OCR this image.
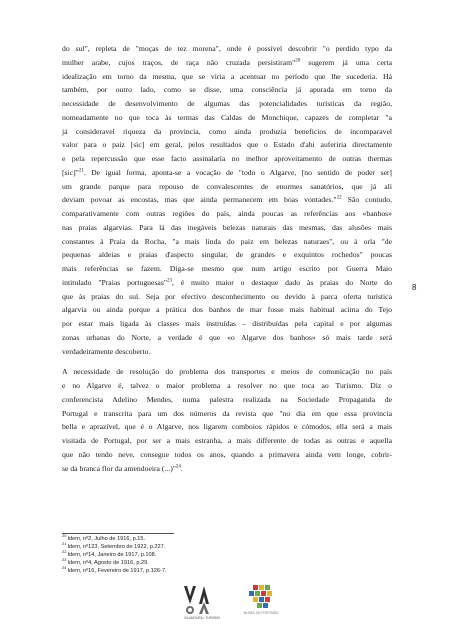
do sul", repleta de "moças de tez morena", onde é possível descobrir "o perdido typo da
mulher arabe, cujos traços, de raça não cruzada persistiram"$^{20}$ sugerem já uma certa
idealização em torno da mesma, que se viria a acentuar no período que lhe sucederia. Há
também, por outro lado, como se disse, uma consciência já apurada em torno da
necessidade de desenvolvimento de algumas das potencialidades turísticas da região,
nomeadamente no que toca às termas das Caldas de Monchique, capazes de completar "a
já consideravel riqueza da provincia, como ainda produzia beneficios de incomparavel
valor para o paiz [sic] em geral, pelos resultados que o Estado d'ahi auferiria directamente
e pela repercussão que esse facto assinalaria no melhor aproveitamento de outras thermas
[sic]"$^{21}$. De igual forma, aponta-se a vocação de "todo o Algarve, [no sentido de poder ser]
um grande parque para repouso de convalescentes de enormes sanatórios, que já ali
deviam povoar as encostas, mas que ainda permanecem em boas vontades."$^{22}$ São contudo,
comparativamente com outras regiões do país, ainda poucas as referências aos «banhos»
nas praias algarvias. Para lá das inegáveis belezas naturais das mesmas, das alusões mais
constantes à Praia da Rocha, "a mais linda do paiz em belezas naturaes", ou à orla "de
pequenas aldeias e praias d'aspecto singular, de grandes e exquintos rochedos" poucas
mais referências se fazem. Diga-se mesmo que num artigo escrito por Guerra Maio
intitulado "Praias portuguesas"$^{23}$, é muito maior o destaque dado às praias do Norte do
que às praias do sul. Seja por efectivo desconhecimento ou devido à parca oferta turística
algarvia ou ainda porque a prática dos banhos de mar fosse mais habitual acima do Tejo
por estar mais ligada às classes mais instruídas – distribuídas pela capital e por algumas
zonas urbanas do Norte, a verdade é que «o Algarve dos banhos» só mais tarde será
verdadeiramente descoberto.

A necessidade de resolução do problema dos transportes e meios de comunicação no país
e no Algarve é, talvez o maior problema a resolver no que toca ao Turismo. Diz o
conferencista Adelino Mendes, numa palestra realizada na Sociedade Propaganda de
Portugal e transcrita para um dos números da revista que "no dia em que essa provincia
bella e aprazível, que é o Algarve, nos ligarem comboios rápidos e cómodos, ella será a mais
visitada de Portugal, por ser a mais estranha, a mais differente de todas as outras e aquella
que não tendo neve, consegue todos os anos, quando a primavera ainda vem longe, cobrir-
se da branca flor da amendoeira (...)"$^{24}$.

8
$^{20}$Idem, nº2, Julho de 1916, p.15.
$^{21}$Idem, nº123, Setembro de 1922, p.227.
$^{22}$Idem, nº14, Janeiro de 1917, p.108.
$^{23}$Idem, nº4, Agosto de 1916, p.29.
$^{24}$Idem, nº16, Fevereiro de 1917, p.126-7.
VILAMOURA • TURISMO
MUSEU DE PORTIMÃO
